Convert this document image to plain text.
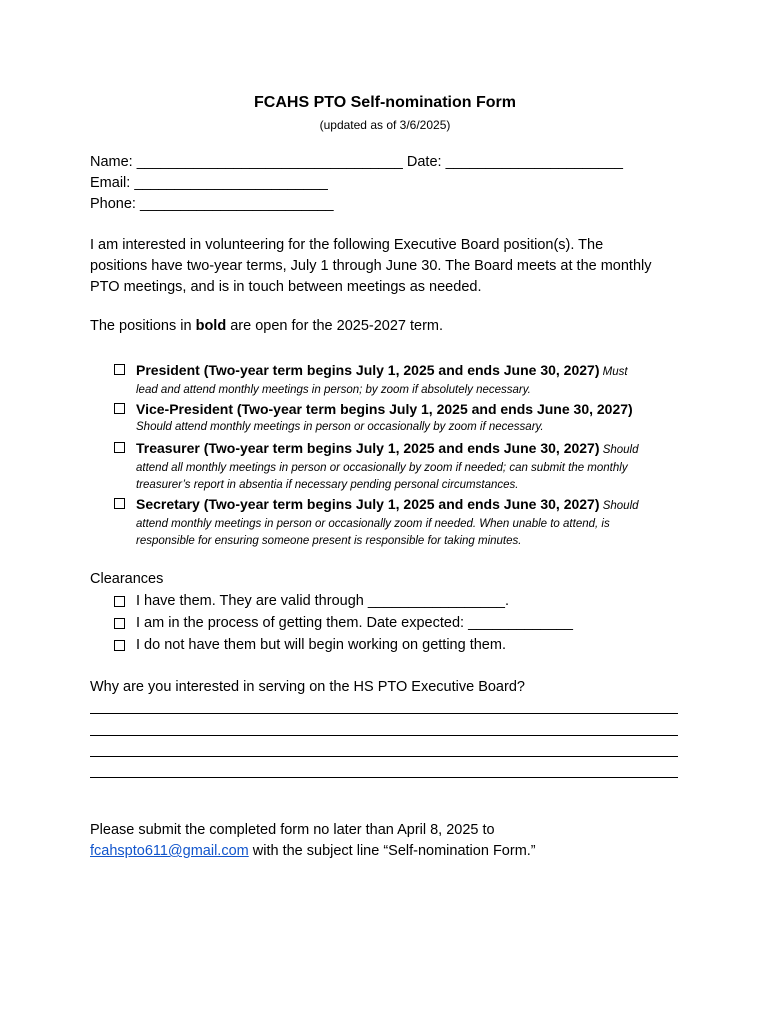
FCAHS PTO Self-nomination Form
(updated as of 3/6/2025)
Name: _________________________________ Date: ______________________
Email: ________________________
Phone: ________________________
I am interested in volunteering for the following Executive Board position(s). The
positions have two-year terms, July 1 through June 30. The Board meets at the monthly
PTO meetings, and is in touch between meetings as needed.
The positions in bold are open for the 2025-2027 term.
President (Two-year term begins July 1, 2025 and ends June 30, 2027) Must
lead and attend monthly meetings in person; by zoom if absolutely necessary.
Vice-President (Two-year term begins July 1, 2025 and ends June 30, 2027)
Should attend monthly meetings in person or occasionally by zoom if necessary.
Treasurer (Two-year term begins July 1, 2025 and ends June 30, 2027) Should
attend all monthly meetings in person or occasionally by zoom if needed; can submit the monthly
treasurer’s report in absentia if necessary pending personal circumstances.
Secretary (Two-year term begins July 1, 2025 and ends June 30, 2027) Should
attend monthly meetings in person or occasionally zoom if needed. When unable to attend, is
responsible for ensuring someone present is responsible for taking minutes.
Clearances
I have them. They are valid through _________________.
I am in the process of getting them. Date expected: _____________
I do not have them but will begin working on getting them.
Why are you interested in serving on the HS PTO Executive Board?
Please submit the completed form no later than April 8, 2025 to
fcahspto611@gmail.com with the subject line “Self-nomination Form.”
